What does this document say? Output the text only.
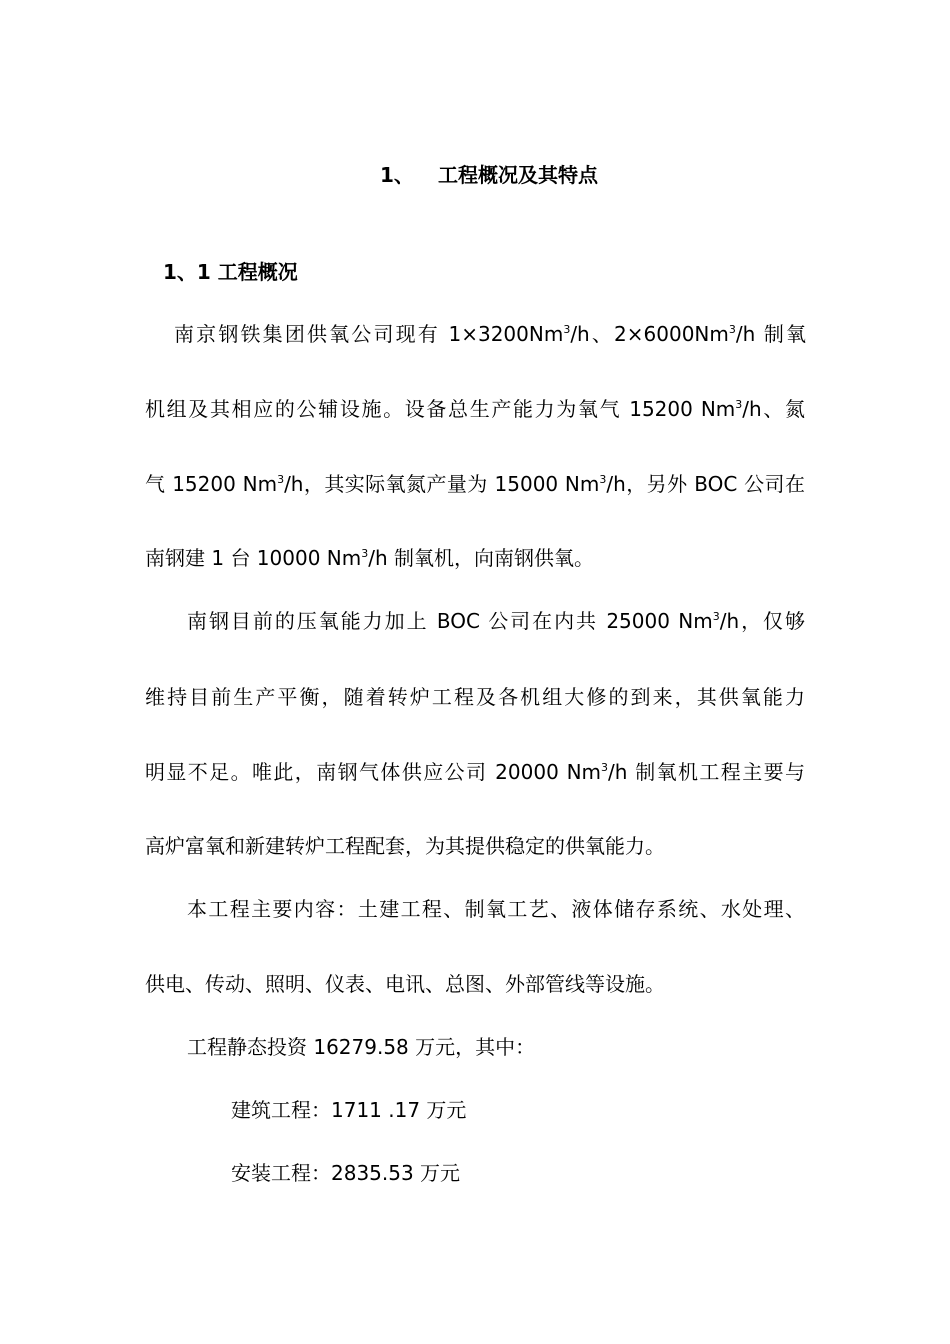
1、 工程概况及其特点
1、1 工程概况
南京钢铁集团供氧公司现有 $1\times 3200Nm^3/h$、$2\times 6000Nm^3/h$ 制氧
机组及其相应的公辅设施。设备总生产能力为氧气 15200 Nm$^3$/h、氮
气 15200 Nm$^3$/h，其实际氧氮产量为 15000 Nm$^3$/h，另外 BOC 公司在
南钢建 1 台 10000 Nm$^3$/h 制氧机，向南钢供氧。
南钢目前的压氧能力加上 BOC 公司在内共 25000 Nm$^3$/h，仅够
维持目前生产平衡，随着转炉工程及各机组大修的到来，其供氧能力
明显不足。唯此，南钢气体供应公司 20000 Nm$^3$/h 制氧机工程主要与
高炉富氧和新建转炉工程配套，为其提供稳定的供氧能力。
本工程主要内容：土建工程、制氧工艺、液体储存系统、水处理、
供电、传动、照明、仪表、电讯、总图、外部管线等设施。
工程静态投资 16279.58 万元，其中：
建筑工程：1711 .17 万元
安装工程：2835.53 万元
